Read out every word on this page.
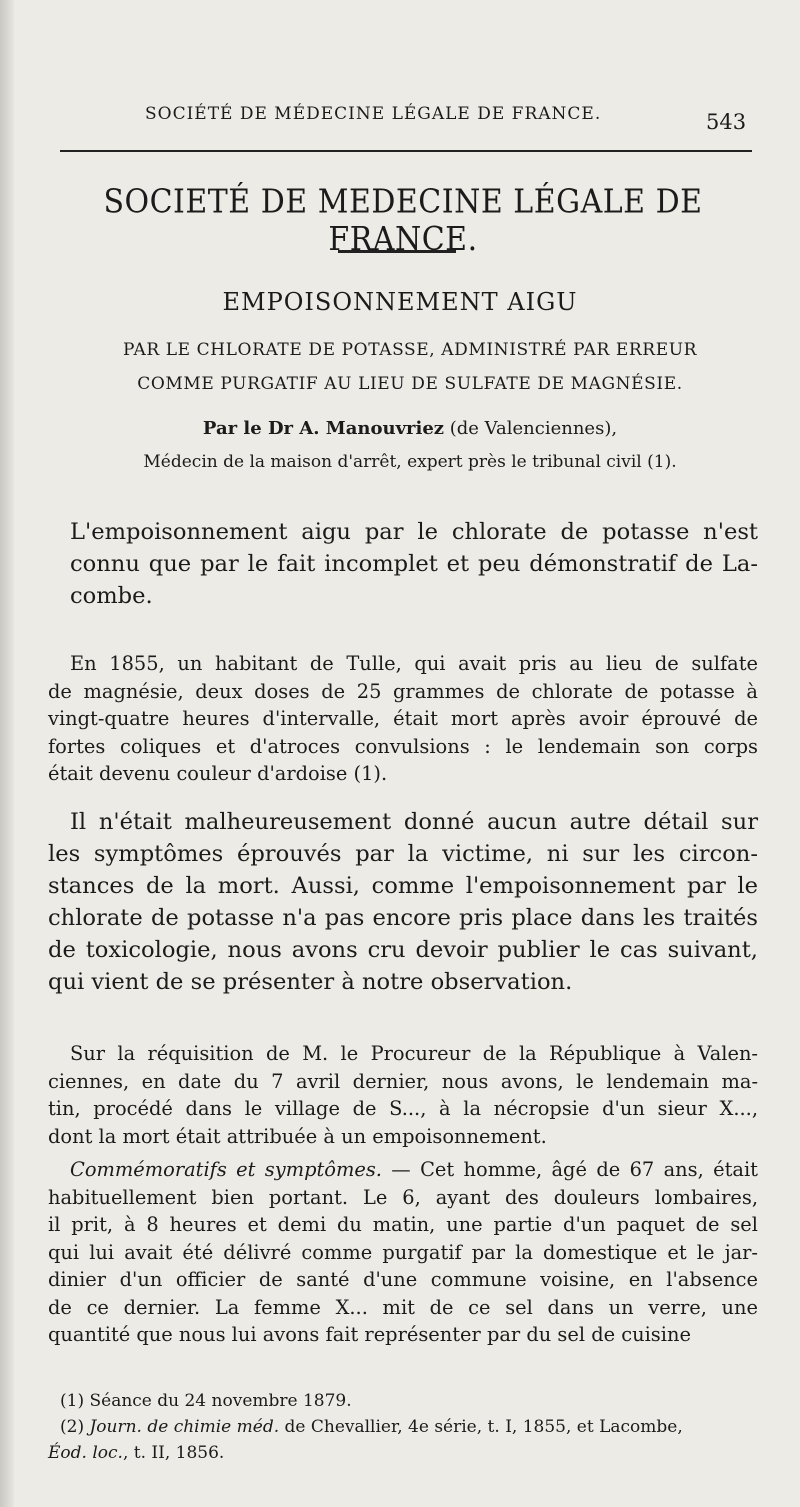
SOCIÉTÉ DE MÉDECINE LÉGALE DE FRANCE.	543
SOCIETÉ DE MEDECINE LÉGALE DE FRANCE.
EMPOISONNEMENT AIGU
PAR LE CHLORATE DE POTASSE, ADMINISTRÉ PAR ERREUR
COMME PURGATIF AU LIEU DE SULFATE DE MAGNÉSIE.
Par le Dr A. Manouvriez (de Valenciennes),
Médecin de la maison d'arrêt, expert près le tribunal civil (1).
L'empoisonnement aigu par le chlorate de potasse n'est
connu que par le fait incomplet et peu démonstratif de La-
combe.
En 1855, un habitant de Tulle, qui avait pris au lieu de sulfate
de magnésie, deux doses de 25 grammes de chlorate de potasse à
vingt-quatre heures d'intervalle, était mort après avoir éprouvé de
fortes coliques et d'atroces convulsions : le lendemain son corps
était devenu couleur d'ardoise (1).
Il n'était malheureusement donné aucun autre détail sur
les symptômes éprouvés par la victime, ni sur les circon-
stances de la mort. Aussi, comme l'empoisonnement par le
chlorate de potasse n'a pas encore pris place dans les traités
de toxicologie, nous avons cru devoir publier le cas suivant,
qui vient de se présenter à notre observation.
Sur la réquisition de M. le Procureur de la République à Valen-
ciennes, en date du 7 avril dernier, nous avons, le lendemain ma-
tin, procédé dans le village de S..., à la nécropsie d'un sieur X...,
dont la mort était attribuée à un empoisonnement.
Commémoratifs et symptômes. — Cet homme, âgé de 67 ans, était
habituellement bien portant. Le 6, ayant des douleurs lombaires,
il prit, à 8 heures et demi du matin, une partie d'un paquet de sel
qui lui avait été délivré comme purgatif par la domestique et le jar-
dinier d'un officier de santé d'une commune voisine, en l'absence
de ce dernier. La femme X... mit de ce sel dans un verre, une
quantité que nous lui avons fait représenter par du sel de cuisine
(1) Séance du 24 novembre 1879.
(2) Journ. de chimie méd. de Chevallier, 4e série, t. I, 1855, et Lacombe,
Éod. loc., t. II, 1856.
